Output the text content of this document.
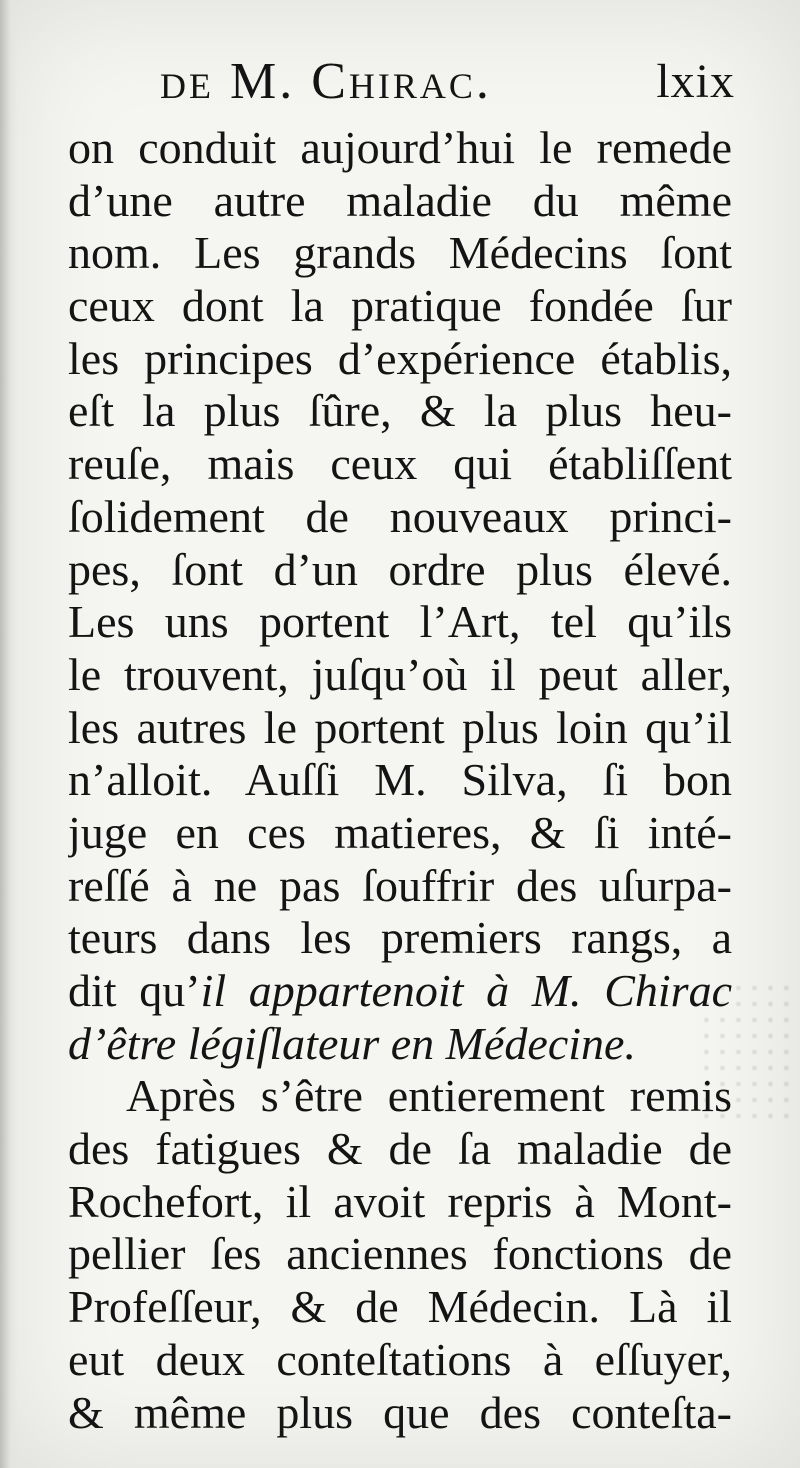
de M. Chirac.	lxix
on conduit aujourd’hui le remede
d’une autre maladie du même
nom. Les grands Médecins ſont
ceux dont la pratique fondée ſur
les principes d’expérience établis,
eſt la plus ſûre, & la plus heu-
reuſe, mais ceux qui établiſſent
ſolidement de nouveaux princi-
pes, ſont d’un ordre plus élevé.
Les uns portent l’Art, tel qu’ils
le trouvent, juſqu’où il peut aller,
les autres le portent plus loin qu’il
n’alloit. Auſſi M. Silva, ſi bon
juge en ces matieres, & ſi inté-
reſſé à ne pas ſouffrir des uſurpa-
teurs dans les premiers rangs, a
dit qu’il appartenoit à M. Chirac
d’être légiſlateur en Médecine.
Après s’être entierement remis
des fatigues & de ſa maladie de
Rochefort, il avoit repris à Mont-
pellier ſes anciennes fonctions de
Profeſſeur, & de Médecin. Là il
eut deux conteſtations à eſſuyer,
& même plus que des conteſta-
